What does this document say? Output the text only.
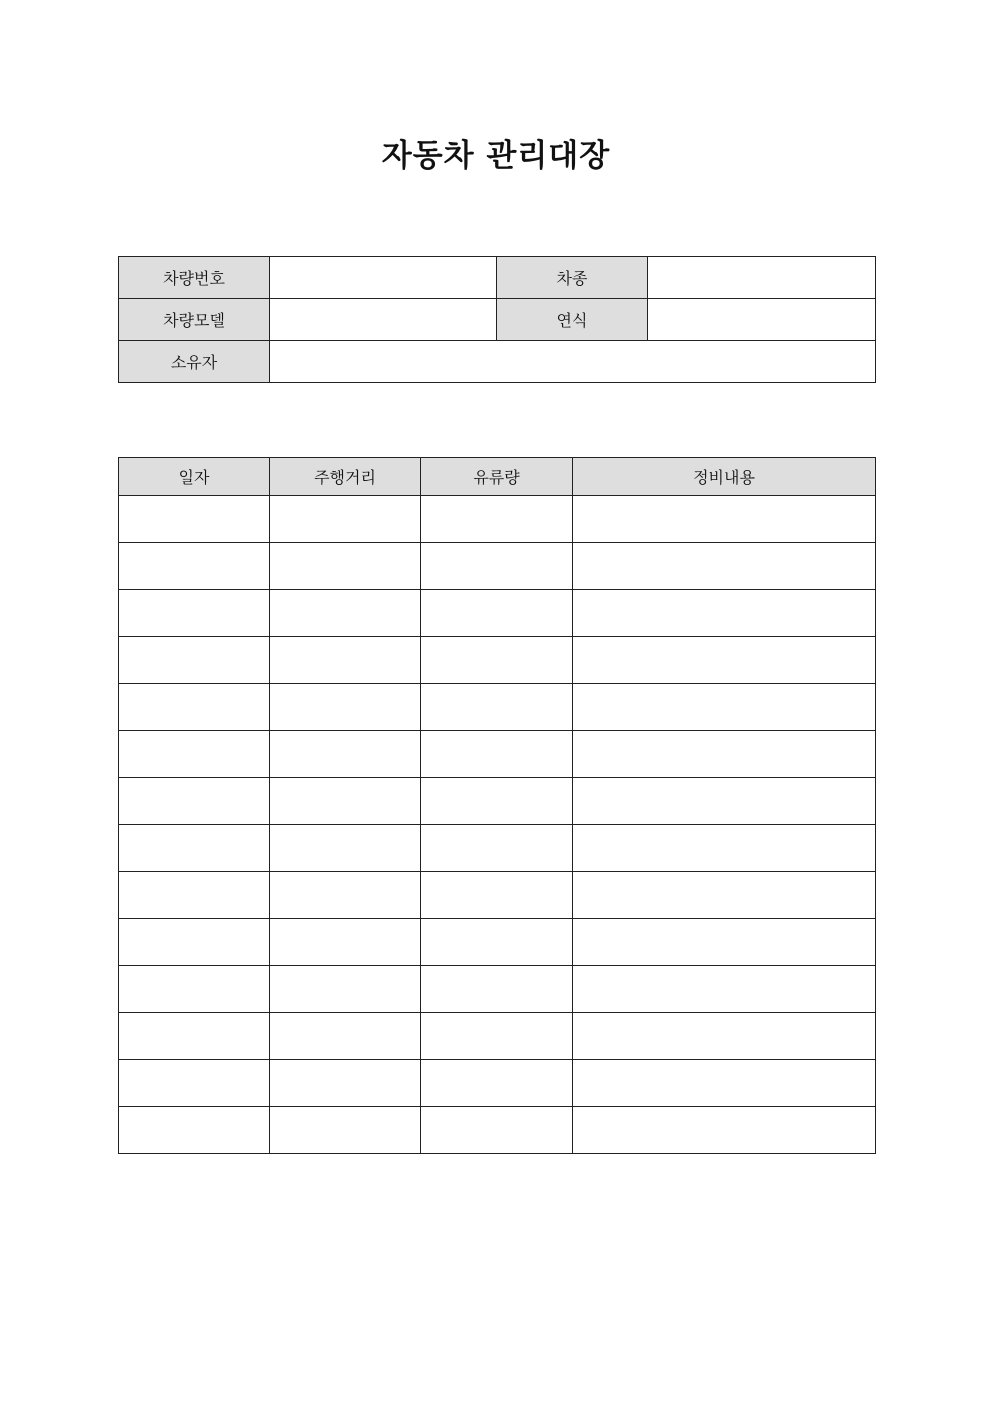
자동차 관리대장
차량번호		차종	
차량모델		연식	
소유자			
일자	주행거리	유류량	정비내용
